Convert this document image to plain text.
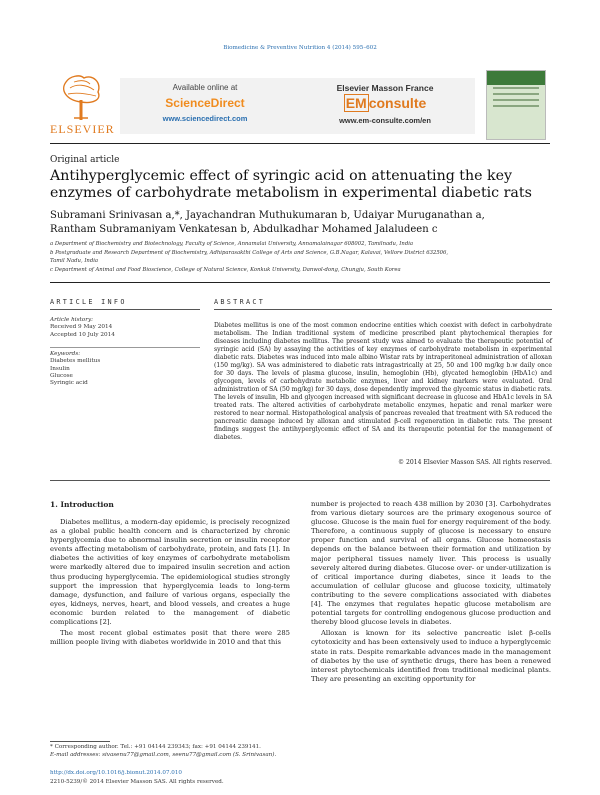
Biomedicine & Preventive Nutrition 4 (2014) 595–602
ELSEVIER
Available online at
ScienceDirect
www.sciencedirect.com
Elsevier Masson France
EM consulte
www.em-consulte.com/en
Original article
Antihyperglycemic effect of syringic acid on attenuating the key enzymes of carbohydrate metabolism in experimental diabetic rats
Subramani Srinivasan a,*, Jayachandran Muthukumaran b, Udaiyar Muruganathan a,
Rantham Subramaniyam Venkatesan b, Abdulkadhar Mohamed Jalaludeen c
a Department of Biochemistry and Biotechnology, Faculty of Science, Annamalai University, Annamalainagar 608002, Tamilnadu, India
b Postgraduate and Research Department of Biochemistry, Adhiparasakthi College of Arts and Science, G.B.Nagar, Kalavai, Vellore District 632506,
Tamil Nadu, India
c Department of Animal and Food Bioscience, College of Natural Science, Konkuk University, Danwol-dong, Chungju, South Korea
ARTICLE INFO	ABSTRACT
Article history:
Received 9 May 2014
Accepted 10 July 2014
Keywords:
Diabetes mellitus
Insulin
Glucose
Syringic acid
Diabetes mellitus is one of the most common endocrine entities which coexist with defect in carbohydrate metabolism. The Indian traditional system of medicine prescribed plant phytochemical therapies for diseases including diabetes mellitus. The present study was aimed to evaluate the therapeutic potential of syringic acid (SA) by assaying the activities of key enzymes of carbohydrate metabolism in experimental diabetic rats. Diabetes was induced into male albino Wistar rats by intraperitoneal administration of alloxan (150 mg/kg). SA was administered to diabetic rats intragastrically at 25, 50 and 100 mg/kg b.w daily once for 30 days. The levels of plasma glucose, insulin, hemoglobin (Hb), glycated hemoglobin (HbA1c) and glycogen, levels of carbohydrate metabolic enzymes, liver and kidney markers were evaluated. Oral administration of SA (50 mg/kg) for 30 days, dose dependently improved the glycemic status in diabetic rats. The levels of insulin, Hb and glycogen increased with significant decrease in glucose and HbA1c levels in SA treated rats. The altered activities of carbohydrate metabolic enzymes, hepatic and renal marker were restored to near normal. Histopathological analysis of pancreas revealed that treatment with SA reduced the pancreatic damage induced by alloxan and stimulated β-cell regeneration in diabetic rats. The present findings suggest the antihyperglycemic effect of SA and its therapeutic potential for the management of diabetes.
© 2014 Elsevier Masson SAS. All rights reserved.
1. Introduction

Diabetes mellitus, a modern-day epidemic, is precisely recognized as a global public health concern and is characterized by chronic hyperglycemia due to abnormal insulin secretion or insulin receptor events affecting metabolism of carbohydrate, protein, and fats [1]. In diabetes the activities of key enzymes of carbohydrate metabolism were markedly altered due to impaired insulin secretion and action thus producing hyperglycemia. The epidemiological studies strongly support the impression that hyperglycemia leads to long-term damage, dysfunction, and failure of various organs, especially the eyes, kidneys, nerves, heart, and blood vessels, and creates a huge economic burden related to the management of diabetic complications [2].

The most recent global estimates posit that there were 285 million people living with diabetes worldwide in 2010 and that this

* Corresponding author. Tel.: +91 04144 239343; fax: +91 04144 239141.
E-mail addresses: sivasenu77@gmail.com, seenu77@gmail.com (S. Srinivasan).
http://dx.doi.org/10.1016/j.bionut.2014.07.010
2210-5239/© 2014 Elsevier Masson SAS. All rights reserved.

number is projected to reach 438 million by 2030 [3]. Carbohydrates from various dietary sources are the primary exogenous source of glucose. Glucose is the main fuel for energy requirement of the body. Therefore, a continuous supply of glucose is necessary to ensure proper function and survival of all organs. Glucose homeostasis depends on the balance between their formation and utilization by major peripheral tissues namely liver. This process is usually severely altered during diabetes. Glucose over- or under-utilization is of critical importance during diabetes, since it leads to the accumulation of cellular glucose and glucose toxicity, ultimately contributing to the severe complications associated with diabetes [4]. The enzymes that regulates hepatic glucose metabolism are potential targets for controlling endogenous glucose production and thereby blood glucose levels in diabetes.

Alloxan is known for its selective pancreatic islet β-cells cytotoxicity and has been extensively used to induce a hyperglycemic state in rats. Despite remarkable advances made in the management of diabetes by the use of synthetic drugs, there has been a renewed interest phytochemicals identified from traditional medicinal plants. They are presenting an exciting opportunity for
